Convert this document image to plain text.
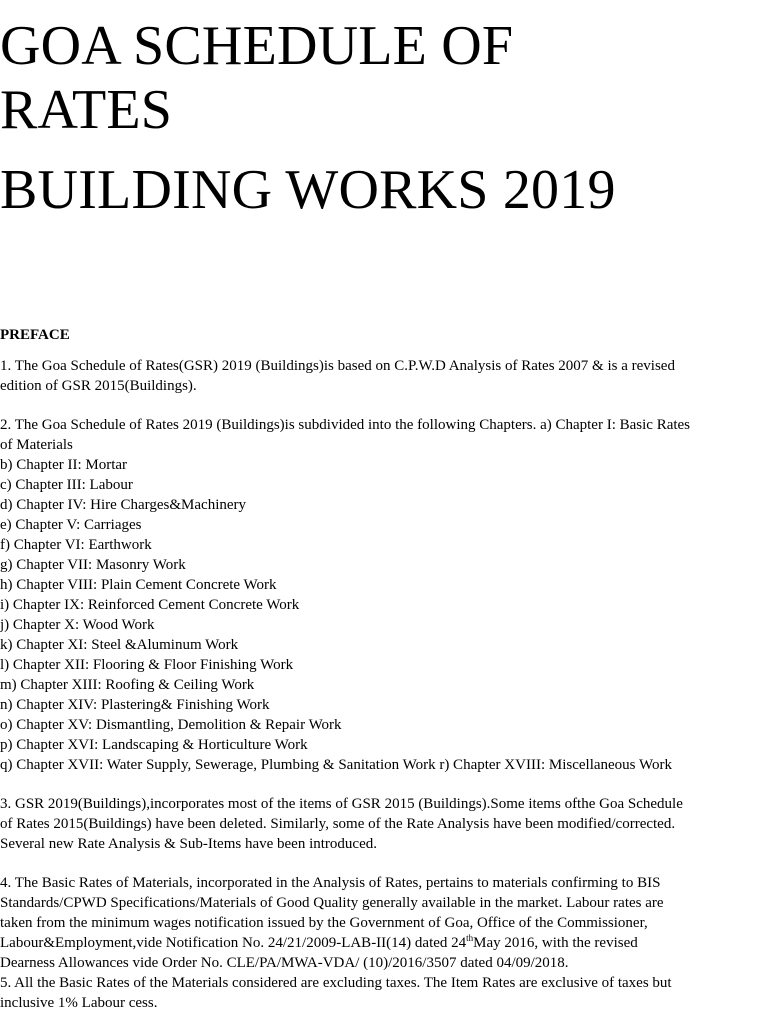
GOA SCHEDULE OF
RATES
BUILDING WORKS 2019
PREFACE
1. The Goa Schedule of Rates(GSR) 2019 (Buildings)is based on C.P.W.D Analysis of Rates 2007 & is a revised
edition of GSR 2015(Buildings).
2. The Goa Schedule of Rates 2019 (Buildings)is subdivided into the following Chapters. a) Chapter I: Basic Rates
of Materials
b) Chapter II: Mortar
c) Chapter III: Labour
d) Chapter IV: Hire Charges&Machinery
e) Chapter V: Carriages
f) Chapter VI: Earthwork
g) Chapter VII: Masonry Work
h) Chapter VIII: Plain Cement Concrete Work
i) Chapter IX: Reinforced Cement Concrete Work
j) Chapter X: Wood Work
k) Chapter XI: Steel &Aluminum Work
l) Chapter XII: Flooring & Floor Finishing Work
m) Chapter XIII: Roofing & Ceiling Work
n) Chapter XIV: Plastering& Finishing Work
o) Chapter XV: Dismantling, Demolition & Repair Work
p) Chapter XVI: Landscaping & Horticulture Work
q) Chapter XVII: Water Supply, Sewerage, Plumbing & Sanitation Work r) Chapter XVIII: Miscellaneous Work
3. GSR 2019(Buildings),incorporates most of the items of GSR 2015 (Buildings).Some items ofthe Goa Schedule
of Rates 2015(Buildings) have been deleted. Similarly, some of the Rate Analysis have been modified/corrected.
Several new Rate Analysis & Sub-Items have been introduced.
4. The Basic Rates of Materials, incorporated in the Analysis of Rates, pertains to materials confirming to BIS
Standards/CPWD Specifications/Materials of Good Quality generally available in the market. Labour rates are
taken from the minimum wages notification issued by the Government of Goa, Office of the Commissioner,
Labour&Employment,vide Notification No. 24/21/2009-LAB-II(14) dated 24thMay 2016, with the revised
Dearness Allowances vide Order No. CLE/PA/MWA-VDA/ (10)/2016/3507 dated 04/09/2018.
5. All the Basic Rates of the Materials considered are excluding taxes. The Item Rates are exclusive of taxes but
inclusive 1% Labour cess.
